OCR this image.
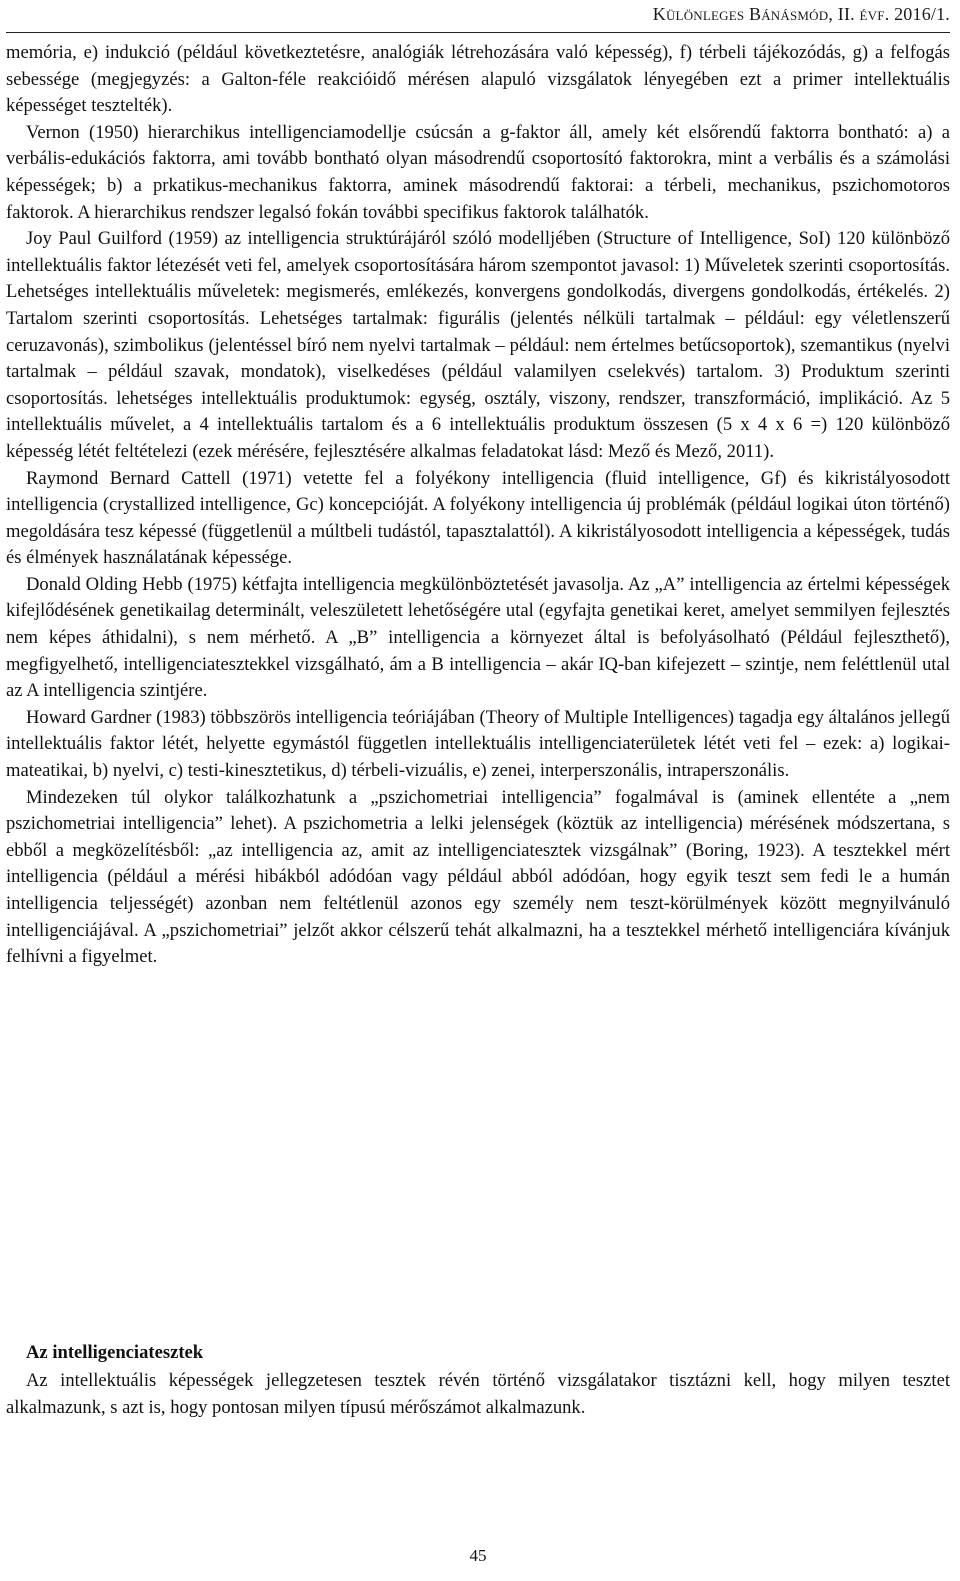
Különleges Bánásmód, II. évf. 2016/1.

memória, e) indukció (például következtetésre, analógiák létrehozására való képesség), f) térbeli tájékozódás, g) a felfogás sebessége (megjegyzés: a Galton-féle reakcióidő mérésen alapuló vizsgálatok lényegében ezt a primer intellektuális képességet tesztelték).

Vernon (1950) hierarchikus intelligenciamodellje csúcsán a g-faktor áll, amely két elsőrendű faktorra bontható: a) a verbális-edukációs faktorra, ami tovább bontható olyan másodrendű csoportosító faktorokra, mint a verbális és a számolási képességek; b) a prkatikus-mechanikus faktorra, aminek másodrendű faktorai: a térbeli, mechanikus, pszichomotoros faktorok. A hierarchikus rendszer legalsó fokán további specifikus faktorok találhatók.

Joy Paul Guilford (1959) az intelligencia struktúrájáról szóló modelljében (Structure of Intelligence, SoI) 120 különböző intellektuális faktor létezését veti fel, amelyek csoportosítására három szempontot javasol: 1) Műveletek szerinti csoportosítás. Lehetséges intellektuális műveletek: megismerés, emlékezés, konvergens gondolkodás, divergens gondolkodás, értékelés. 2) Tartalom szerinti csoportosítás. Lehetséges tartalmak: figurális (jelentés nélküli tartalmak – például: egy véletlenszerű ceruzavonás), szimbolikus (jelentéssel bíró nem nyelvi tartalmak – például: nem értelmes betűcsoportok), szemantikus (nyelvi tartalmak – például szavak, mondatok), viselkedéses (például valamilyen cselekvés) tartalom. 3) Produktum szerinti csoportosítás. lehetséges intellektuális produktumok: egység, osztály, viszony, rendszer, transzformáció, implikáció. Az 5 intellektuális művelet, a 4 intellektuális tartalom és a 6 intellektuális produktum összesen (5 x 4 x 6 =) 120 különböző képesség létét feltételezi (ezek mérésére, fejlesztésére alkalmas feladatokat lásd: Mező és Mező, 2011).

Raymond Bernard Cattell (1971) vetette fel a folyékony intelligencia (fluid intelligence, Gf) és kikristályosodott intelligencia (crystallized intelligence, Gc) koncepcióját. A folyékony intelligencia új problémák (például logikai úton történő) megoldására tesz képessé (függetlenül a múltbeli tudástól, tapasztalattól). A kikristályosodott intelligencia a képességek, tudás és élmények használatának képessége.

Donald Olding Hebb (1975) kétfajta intelligencia megkülönböztetését javasolja. Az „A” intelligencia az értelmi képességek kifejlődésének genetikailag determinált, veleszületett lehetőségére utal (egyfajta genetikai keret, amelyet semmilyen fejlesztés nem képes áthidalni), s nem mérhető. A „B” intelligencia a környezet által is befolyásolható (Például fejleszthető), megfigyelhető, intelligenciatesztekkel vizsgálható, ám a B intelligencia – akár IQ-ban kifejezett – szintje, nem feléttlenül utal az A intelligencia szintjére.

Howard Gardner (1983) többszörös intelligencia teóriájában (Theory of Multiple Intelligences) tagadja egy általános jellegű intellektuális faktor létét, helyette egymástól független intellektuális intelligenciaterületek létét veti fel – ezek: a) logikai-mateatikai, b) nyelvi, c) testi-kinesztetikus, d) térbeli-vizuális, e) zenei, interperszonális, intraperszonális.

Mindezeken túl olykor találkozhatunk a „pszichometriai intelligencia” fogalmával is (aminek ellentéte a „nem pszichometriai intelligencia” lehet). A pszichometria a lelki jelenségek (köztük az intelligencia) mérésének módszertana, s ebből a megközelítésből: „az intelligencia az, amit az intelligenciatesztek vizsgálnak” (Boring, 1923). A tesztekkel mért intelligencia (például a mérési hibákból adódóan vagy például abból adódóan, hogy egyik teszt sem fedi le a humán intelligencia teljességét) azonban nem feltétlenül azonos egy személy nem teszt-körülmények között megnyilvánuló intelligenciájával. A „pszichometriai” jelzőt akkor célszerű tehát alkalmazni, ha a tesztekkel mérhető intelligenciára kívánjuk felhívni a figyelmet.

Az intelligenciatesztek
Az intellektuális képességek jellegzetesen tesztek révén történő vizsgálatakor tisztázni kell, hogy milyen tesztet alkalmazunk, s azt is, hogy pontosan milyen típusú mérőszámot alkalmazunk.
45
